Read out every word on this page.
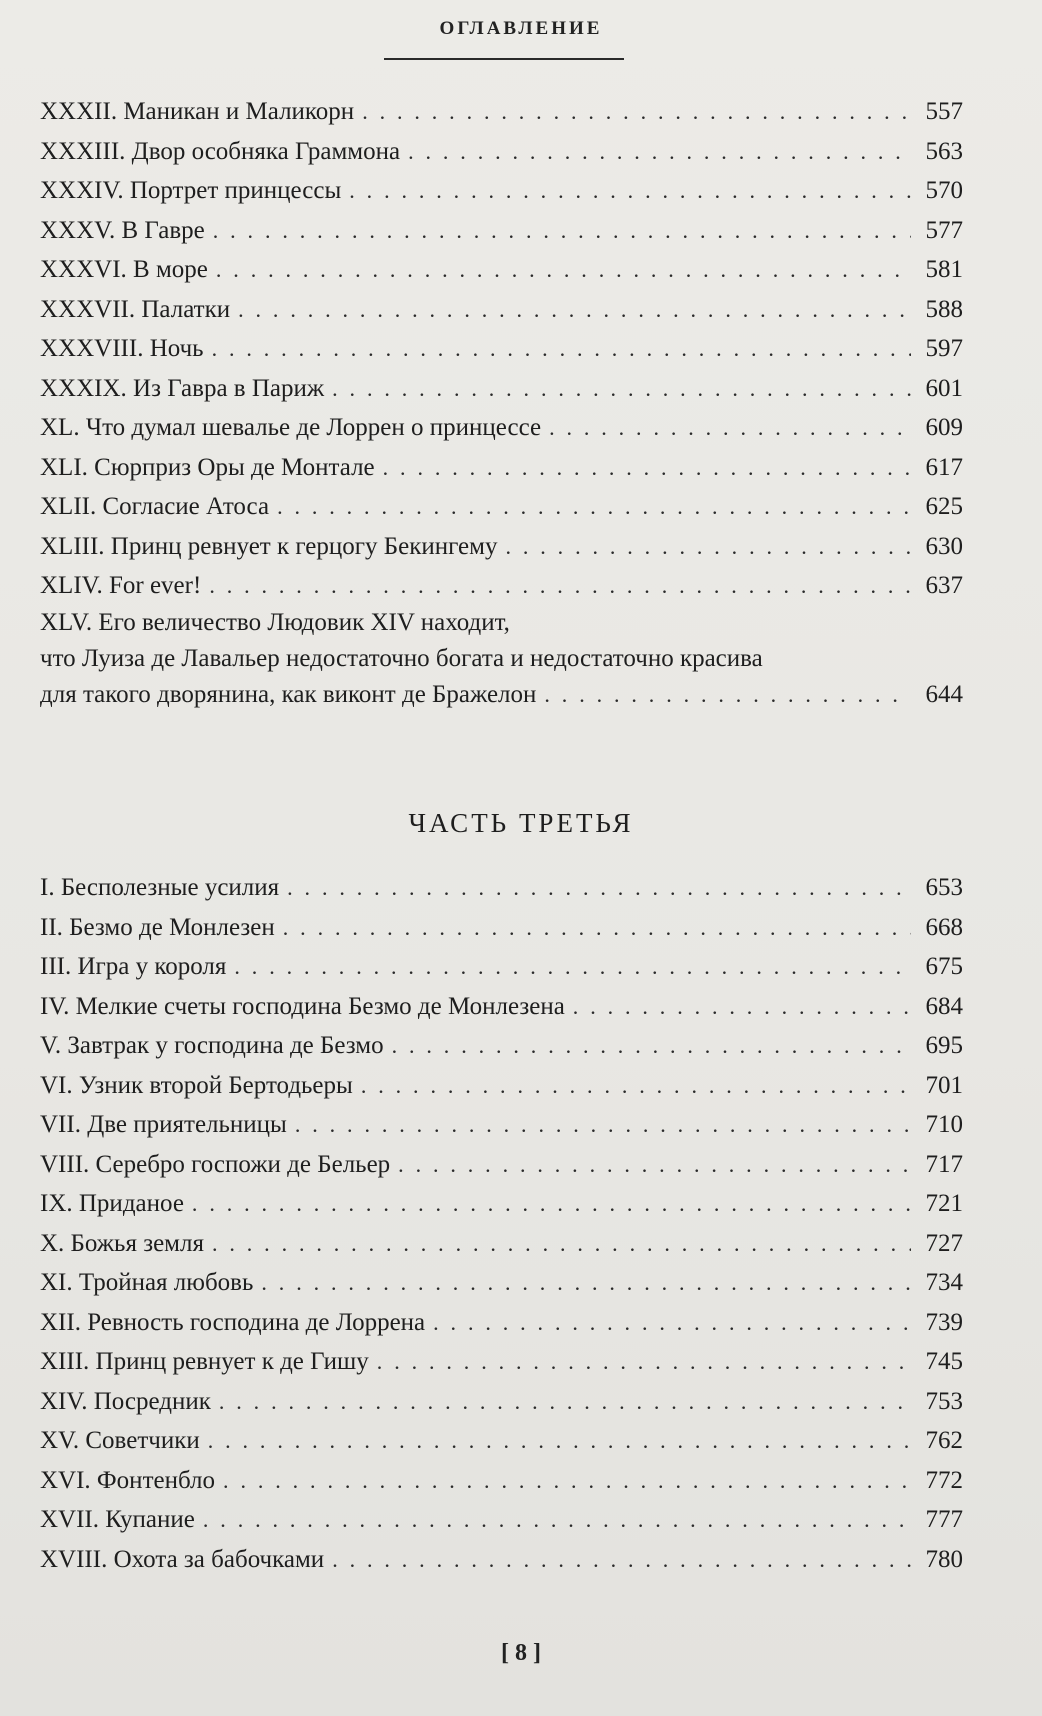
ОГЛАВЛЕНИЕ
XXXII. Маникан и Маликорн . . .	557
XXXIII. Двор особняка Граммона . . .	563
XXXIV. Портрет принцессы . . .	570
XXXV. В Гавре . . .	577
XXXVI. В море . . .	581
XXXVII. Палатки . . .	588
XXXVIII. Ночь . . .	597
XXXIX. Из Гавра в Париж . . .	601
XL. Что думал шевалье де Лоррен о принцессе . . .	609
XLI. Сюрприз Оры де Монтале . . .	617
XLII. Согласие Атоса . . .	625
XLIII. Принц ревнует к герцогу Бекингему . . .	630
XLIV. For ever! . . .	637
XLV. Его величество Людовик XIV находит,
что Луиза де Лавальер недостаточно богата и недостаточно красива
для такого дворянина, как виконт де Бражелон . . .	644
ЧАСТЬ ТРЕТЬЯ
I. Бесполезные усилия . . .	653
II. Безмо де Монлезен . . .	668
III. Игра у короля . . .	675
IV. Мелкие счеты господина Безмо де Монлезена . . .	684
V. Завтрак у господина де Безмо . . .	695
VI. Узник второй Бертодьеры . . .	701
VII. Две приятельницы . . .	710
VIII. Серебро госпожи де Бельер . . .	717
IX. Приданое . . .	721
X. Божья земля . . .	727
XI. Тройная любовь . . .	734
XII. Ревность господина де Лоррена . . .	739
XIII. Принц ревнует к де Гишу . . .	745
XIV. Посредник . . .	753
XV. Советчики . . .	762
XVI. Фонтенбло . . .	772
XVII. Купание . . .	777
XVIII. Охота за бабочками . . .	780
[ 8 ]
